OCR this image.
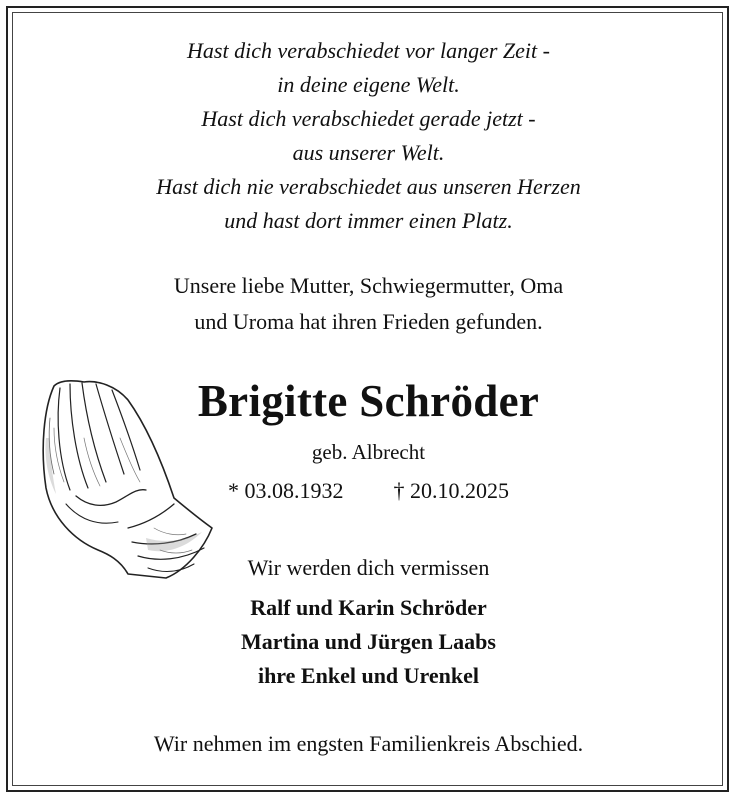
Hast dich verabschiedet vor langer Zeit -
in deine eigene Welt.
Hast dich verabschiedet gerade jetzt -
aus unserer Welt.
Hast dich nie verabschiedet aus unseren Herzen
und hast dort immer einen Platz.
Unsere liebe Mutter, Schwiegermutter, Oma
und Uroma hat ihren Frieden gefunden.
Brigitte Schröder
geb. Albrecht
* 03.08.1932 † 20.10.2025
Wir werden dich vermissen
Ralf und Karin Schröder
Martina und Jürgen Laabs
ihre Enkel und Urenkel
Wir nehmen im engsten Familienkreis Abschied.
